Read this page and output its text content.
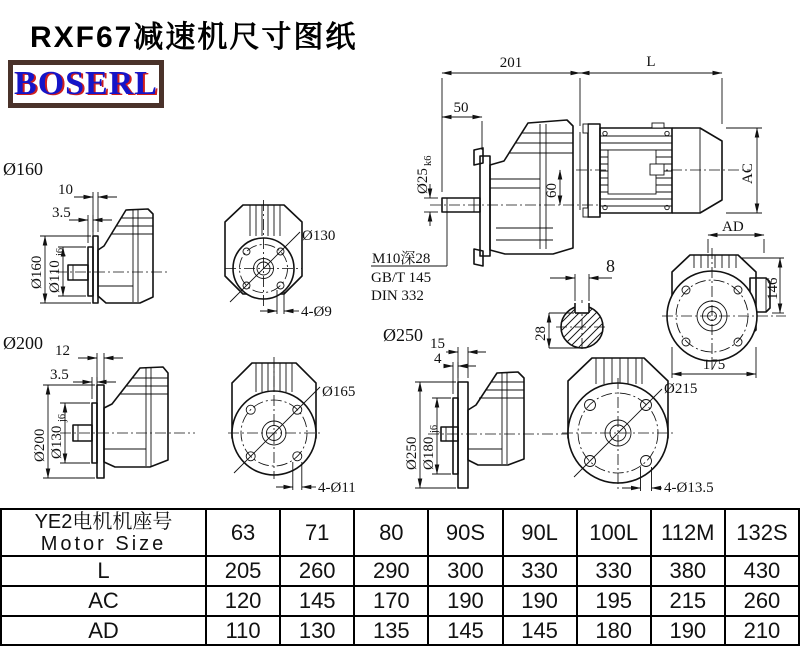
RXF67减速机尺寸图纸
BOSERL
201	L
50
Ø25
k6
60
AC
AD
M10深28
GB/T 145
DIN 332
8
28
146
175
Ø160
10
3.5
Ø160 Ø110
j6
Ø130
4-Ø9
Ø200 12
3.5
Ø200 Ø130
j6
Ø165
4-Ø11
Ø250 15
4
Ø250 Ø180
j6
Ø215
4-Ø13.5
YE2电机机座号
Motor Size	63	71	80	90S	90L	100L	112M	132S
L	205	260	290	300	330	330	380	430
AC	120	145	170	190	190	195	215	260
AD	110	130	135	145	145	180	190	210
